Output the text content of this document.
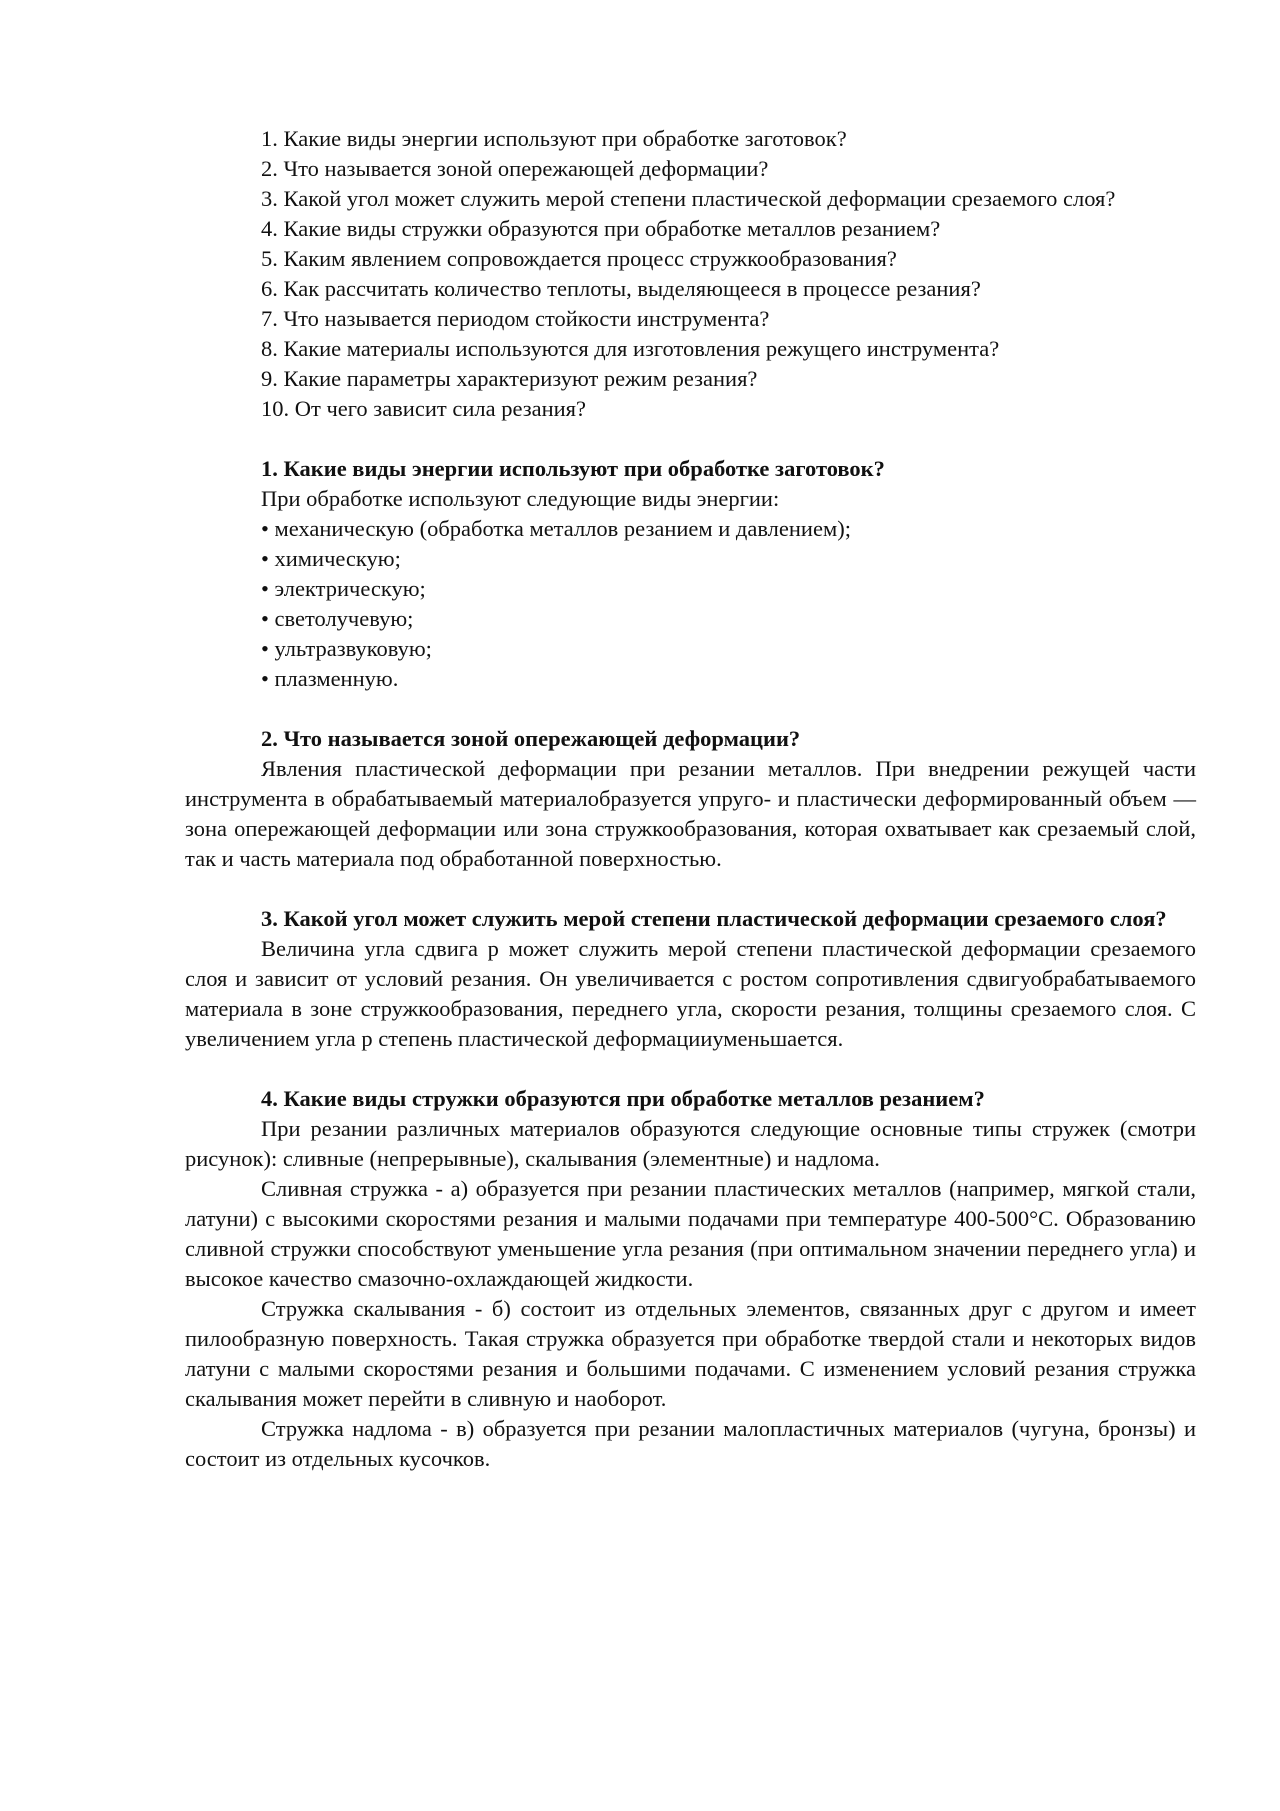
1. Какие виды энергии используют при обработке заготовок?

2. Что называется зоной опережающей деформации?

3. Какой угол может служить мерой степени пластической деформации срезаемого слоя?

4. Какие виды стружки образуются при обработке металлов резанием?

5. Каким явлением сопровождается процесс стружкообразования?

6. Как рассчитать количество теплоты, выделяющееся в процессе резания?

7. Что называется периодом стойкости инструмента?

8. Какие материалы используются для изготовления режущего инструмента?

9. Какие параметры характеризуют режим резания?

10. От чего зависит сила резания?

1. Какие виды энергии используют при обработке заготовок?

При обработке используют следующие виды энергии:

• механическую (обработка металлов резанием и давлением);
• химическую;
• электрическую;
• светолучевую;
• ультразвуковую;
• плазменную.

2. Что называется зоной опережающей деформации?

Явления пластической деформации при резании металлов. При внедрении режущей части инструмента в обрабатываемый материалобразуется упруго- и пластически деформированный объем — зона опережающей деформации или зона стружкообразования, которая охватывает как срезаемый слой, так и часть материала под обработанной поверхностью.

3. Какой угол может служить мерой степени пластической деформации срезаемого слоя?

Величина угла сдвига р может служить мерой степени пластической деформации срезаемого слоя и зависит от условий резания. Он увеличивается с ростом сопротивления сдвигуобрабатываемого материала в зоне стружкообразования, переднего угла, скорости резания, толщины срезаемого слоя. С увеличением угла р степень пластической деформацииуменьшается.

4. Какие виды стружки образуются при обработке металлов резанием?

При резании различных материалов образуются следующие основные типы стружек (смотри рисунок): сливные (непрерывные), скалывания (элементные) и надлома.

Сливная стружка - а) образуется при резании пластических металлов (например, мягкой стали, латуни) с высокими скоростями резания и малыми подачами при температуре 400-500°С. Образованию сливной стружки способствуют уменьшение угла резания (при оптимальном значении переднего угла) и высокое качество смазочно-охлаждающей жидкости.

Стружка скалывания - б) состоит из отдельных элементов, связанных друг с другом и имеет пилообразную поверхность. Такая стружка образуется при обработке твердой стали и некоторых видов латуни с малыми скоростями резания и большими подачами. С изменением условий резания стружка скалывания может перейти в сливную и наоборот.

Стружка надлома - в) образуется при резании малопластичных материалов (чугуна, бронзы) и состоит из отдельных кусочков.
